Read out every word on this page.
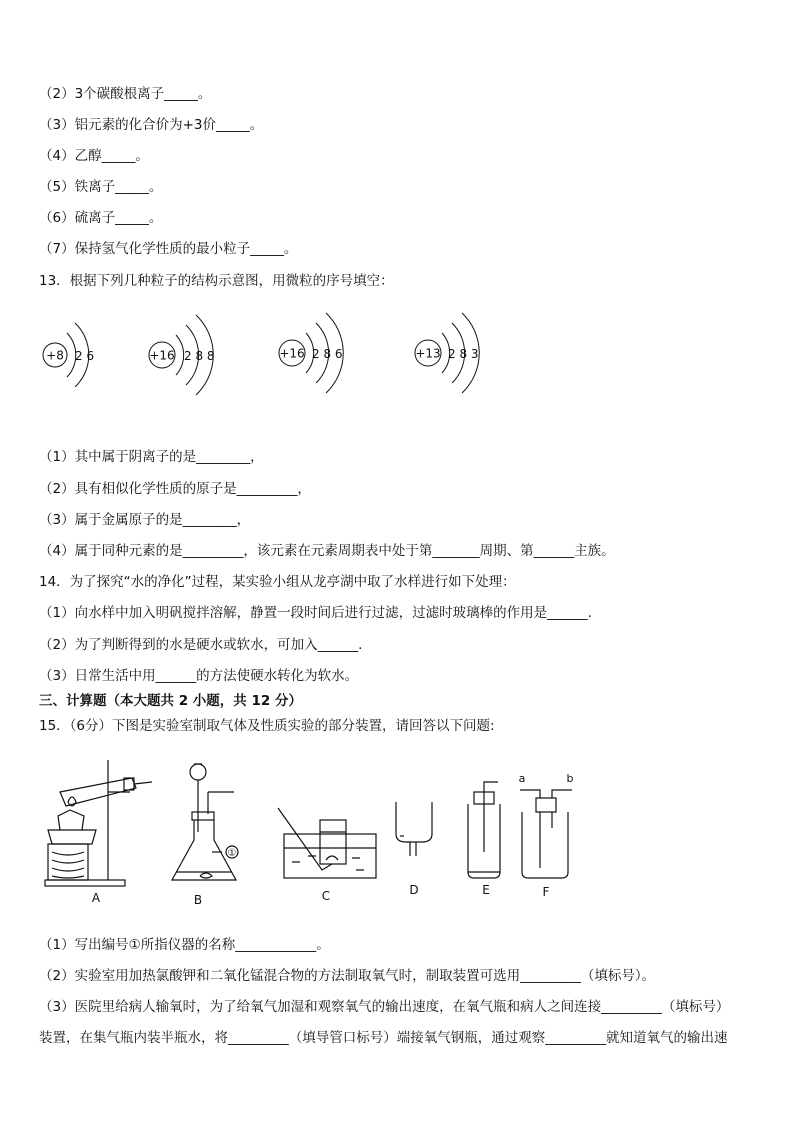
（2）3个碳酸根离子_____。
（3）铝元素的化合价为+3价_____。
（4）乙醇_____。
（5）铁离子_____。
（6）硫离子_____。
（7）保持氢气化学性质的最小粒子_____。
13．根据下列几种粒子的结构示意图，用微粒的序号填空：
+8 2 6	+16 2 8 8	+16 2 8 6	+13 2 8 3
（1）其中属于阴离子的是________，
（2）具有相似化学性质的原子是_________，
（3）属于金属原子的是________，
（4）属于同种元素的是_________，该元素在元素周期表中处于第_______周期、第______主族。
14．为了探究“水的净化”过程，某实验小组从龙亭湖中取了水样进行如下处理：
（1）向水样中加入明矾搅拌溶解，静置一段时间后进行过滤，过滤时玻璃棒的作用是______.
（2）为了判断得到的水是硬水或软水，可加入______.
（3）日常生活中用______的方法使硬水转化为软水。
三、计算题（本大题共 2 小题，共 12 分）
15．（6分）下图是实验室制取气体及性质实验的部分装置，请回答以下问题:
A	B	C	D	E	F
①
a	b
（1）写出编号①所指仪器的名称____________。
（2）实验室用加热氯酸钾和二氧化锰混合物的方法制取氧气时，制取装置可选用_________（填标号）。
（3）医院里给病人输氧时，为了给氧气加湿和观察氧气的输出速度，在氧气瓶和病人之间连接_________（填标号）
装置，在集气瓶内装半瓶水，将_________（填导管口标号）端接氧气钢瓶，通过观察_________就知道氧气的输出速
